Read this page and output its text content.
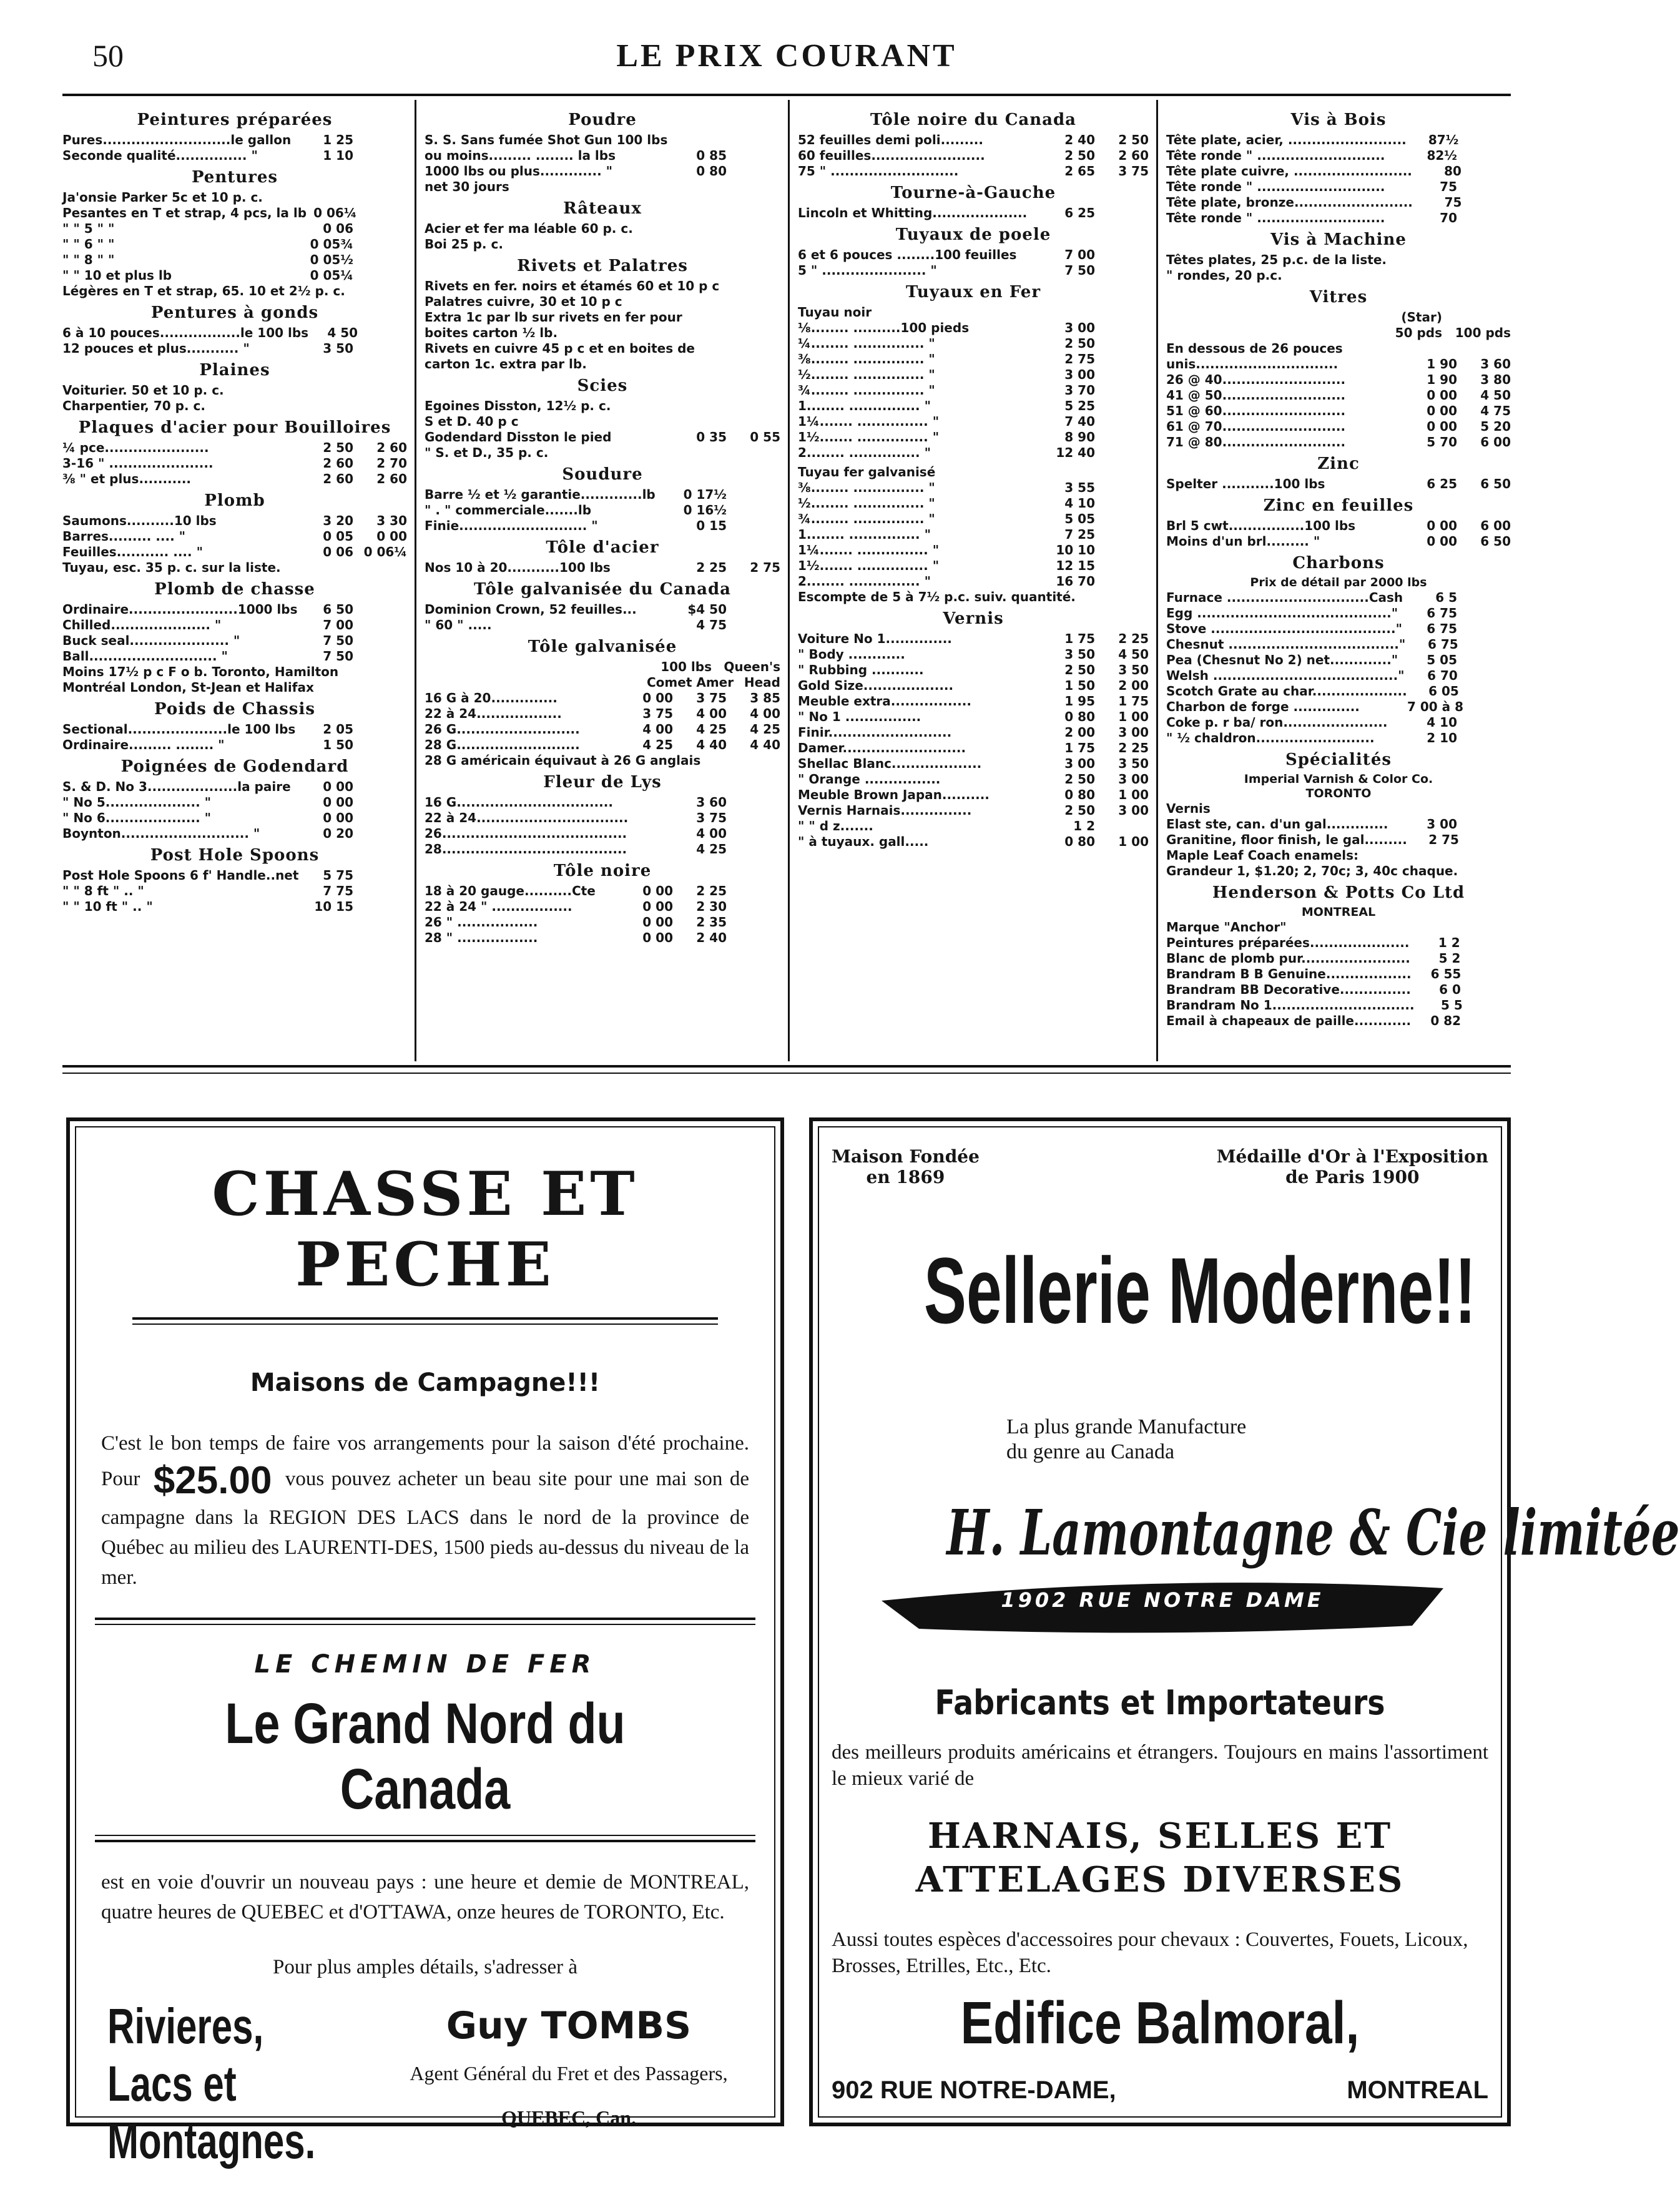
50	LE PRIX COURANT
Peintures préparées
Pures...........................le gallon	1 25
Seconde qualité............... "	1 10
Pentures
Ja'onsie Parker 5c et 10 p. c.
Pesantes en T et strap, 4 pcs, la lb 0 06¼
" " 5 " "	0 06
" " 6 " "	0 05¾
" " 8 " "	0 05½
" " 10 et plus lb	0 05¼
Légères en T et strap, 65. 10 et 2½ p. c.
Pentures à gonds
6 à 10 pouces.................le 100 lbs	4 50
12 pouces et plus........... "	3 50
Plaines
Voiturier. 50 et 10 p. c.
Charpentier, 70 p. c.
Plaques d'acier pour Bouilloires
¼ pce......................	2 50	2 60
3-16 " ......................	2 60	2 70
⅜ " et plus...........	2 60	2 60
Plomb
Saumons..........10 lbs	3 20	3 30
Barres......... .... "	0 05	0 00
Feuilles........... .... "	0 06 0 06¼
Tuyau, esc. 35 p. c. sur la liste.
Plomb de chasse
Ordinaire.......................1000 lbs	6 50
Chilled..................... "	7 00
Buck seal..................... "	7 50
Ball........................... "	7 50
Moins 17½ p c F o b. Toronto, Hamilton
Montréal London, St-Jean et Halifax
Poids de Chassis
Sectional.....................le 100 lbs	2 05
Ordinaire......... ........ "	1 50
Poignées de Godendard
S. & D. No 3...................la paire	0 00
" No 5.................... "	0 00
" No 6.................... "	0 00
Boynton........................... "	0 20
Post Hole Spoons
Post Hole Spoons 6 f' Handle..net	5 75
" " 8 ft " .. "	7 75
" " 10 ft " .. "	10 15
Poudre
S. S. Sans fumée Shot Gun 100 lbs
ou moins......... ........ la lbs	0 85
1000 lbs ou plus............. "	0 80
net 30 jours
Râteaux
Acier et fer ma léable 60 p. c.
Boi 25 p. c.
Rivets et Palatres
Rivets en fer. noirs et étamés 60 et 10 p c
Palatres cuivre, 30 et 10 p c
Extra 1c par lb sur rivets en fer pour
boites carton ½ lb.
Rivets en cuivre 45 p c et en boites de
carton 1c. extra par lb.
Scies
Egoines Disston, 12½ p. c.
S et D. 40 p c
Godendard Disston le pied	0 35	0 55
" S. et D., 35 p. c.
Soudure
Barre ½ et ½ garantie.............lb	0 17½
" . " commerciale.......lb	0 16½
Finie........................... "	0 15
Tôle d'acier
Nos 10 à 20...........100 lbs	2 25	2 75
Tôle galvanisée du Canada
Dominion Crown, 52 feuilles...	$4 50
" 60 " .....	4 75
Tôle galvanisée
100 lbs Queen's
Comet Amer Head
16 G à 20..............	0 00	3 75	3 85
22 à 24..................	3 75	4 00	4 00
26 G..........................	4 00	4 25	4 25
28 G..........................	4 25	4 40	4 40
28 G américain équivaut à 26 G anglais
Fleur de Lys
16 G.................................	3 60
22 à 24................................	3 75
26.......................................	4 00
28.......................................	4 25
Tôle noire
18 à 20 gauge..........Cte	0 00	2 25
22 à 24 " .................	0 00	2 30
26 " .................	0 00	2 35
28 " .................	0 00	2 40
Tôle noire du Canada
52 feuilles demi poli.........	2 40	2 50
60 feuilles........................	2 50	2 60
75 " ...........................	2 65	3 75
Tourne-à-Gauche
Lincoln et Whitting....................	6 25
Tuyaux de poele
6 et 6 pouces ........100 feuilles	7 00
5 " ...................... "	7 50
Tuyaux en Fer
Tuyau noir
⅛........ ..........100 pieds	3 00
¼........ ............... "	2 50
⅜........ ............... "	2 75
½........ ............... "	3 00
¾........ ............... "	3 70
1........ ............... "	5 25
1¼....... ............... "	7 40
1½....... ............... "	8 90
2........ ............... "	12 40
Tuyau fer galvanisé
⅜........ ............... "	3 55
½........ ............... "	4 10
¾........ ............... "	5 05
1........ ............... "	7 25
1¼....... ............... "	10 10
1½....... ............... "	12 15
2........ ............... "	16 70
Escompte de 5 à 7½ p.c. suiv. quantité.
Vernis
Voiture No 1..............	1 75	2 25
" Body ............	3 50	4 50
" Rubbing ...........	2 50	3 50
Gold Size...................	1 50	2 00
Meuble extra.................	1 95	1 75
" No 1 ................	0 80	1 00
Finir..........................	2 00	3 00
Damer..........................	1 75	2 25
Shellac Blanc...................	3 00	3 50
" Orange ................	2 50	3 00
Meuble Brown Japan..........	0 80	1 00
Vernis Harnais...............	2 50	3 00
" " d z.......	1 2
" à tuyaux. gall.....	0 80	1 00
Vis à Bois
Tête plate, acier, .........................	87½
Tête ronde " ...........................	82½
Tête plate cuivre, .........................	80
Tête ronde " ...........................	75
Tête plate, bronze.........................	75
Tête ronde " ...........................	70
Vis à Machine
Têtes plates, 25 p.c. de la liste.
" rondes, 20 p.c.
Vitres
(Star)
50 pds	100 pds
En dessous de 26 pouces
unis..............................	1 90	3 60
26 @ 40..........................	1 90	3 80
41 @ 50..........................	0 00	4 50
51 @ 60..........................	0 00	4 75
61 @ 70..........................	0 00	5 20
71 @ 80..........................	5 70	6 00
Zinc
Spelter ...........100 lbs	6 25	6 50
Zinc en feuilles
Brl 5 cwt................100 lbs	0 00	6 00
Moins d'un brl......... "	0 00	6 50
Charbons
Prix de détail par 2000 lbs
Furnace ..............................Cash	6 5
Egg ........................................."	6 75
Stove ......................................."	6 75
Chesnut ...................................."	6 75
Pea (Chesnut No 2) net............."	5 05
Welsh ......................................."	6 70
Scotch Grate au char....................	6 05
Charbon de forge ..............	7 00 à 8
Coke p. r ba/ ron......................	4 10
" ½ chaldron.........................	2 10
Spécialités
Imperial Varnish & Color Co.
TORONTO
Vernis
Elast ste, can. d'un gal.............	3 00
Granitine, floor finish, le gal.........	2 75
Maple Leaf Coach enamels:
Grandeur 1, $1.20; 2, 70c; 3, 40c chaque.
Henderson & Potts Co Ltd
MONTREAL
Marque "Anchor"
Peintures préparées.....................	1 2
Blanc de plomb pur.......................	5 2
Brandram B B Genuine..................	6 55
Brandram BB Decorative...............	6 0
Brandram No 1..............................	5 5
Email à chapeaux de paille............	0 82
CHASSE ET PECHE
Maisons de Campagne!!!
C'est le bon temps de faire vos arrangements pour la saison d'été prochaine. Pour $25.00 vous pouvez acheter un beau site pour une mai son de campagne dans la REGION DES LACS dans le nord de la province de Québec au milieu des LAURENTI-DES, 1500 pieds au-dessus du niveau de la mer.
LE CHEMIN DE FER
Le Grand Nord du Canada
est en voie d'ouvrir un nouveau pays : une heure et demie de MONTREAL, quatre heures de QUEBEC et d'OTTAWA, onze heures de TORONTO, Etc.
Pour plus amples détails, s'adresser à
Rivieres,
Lacs et
Montagnes.
Guy TOMBS
Agent Général du Fret et des Passagers,
QUEBEC, Can.
Maison Fondée
en 1869
Médaille d'Or à l'Exposition
de Paris 1900
Sellerie Moderne!!
La plus grande Manufacture
du genre au Canada
H. Lamontagne & Cie limitée
1902 RUE NOTRE DAME
Fabricants et Importateurs
des meilleurs produits américains et étrangers. Toujours en mains l'assortiment le mieux varié de
HARNAIS, SELLES ET
ATTELAGES DIVERSES
Aussi toutes espèces d'accessoires pour chevaux : Couvertes, Fouets, Licoux, Brosses, Etrilles, Etc., Etc.
Edifice Balmoral,
902 RUE NOTRE-DAME,	MONTREAL
